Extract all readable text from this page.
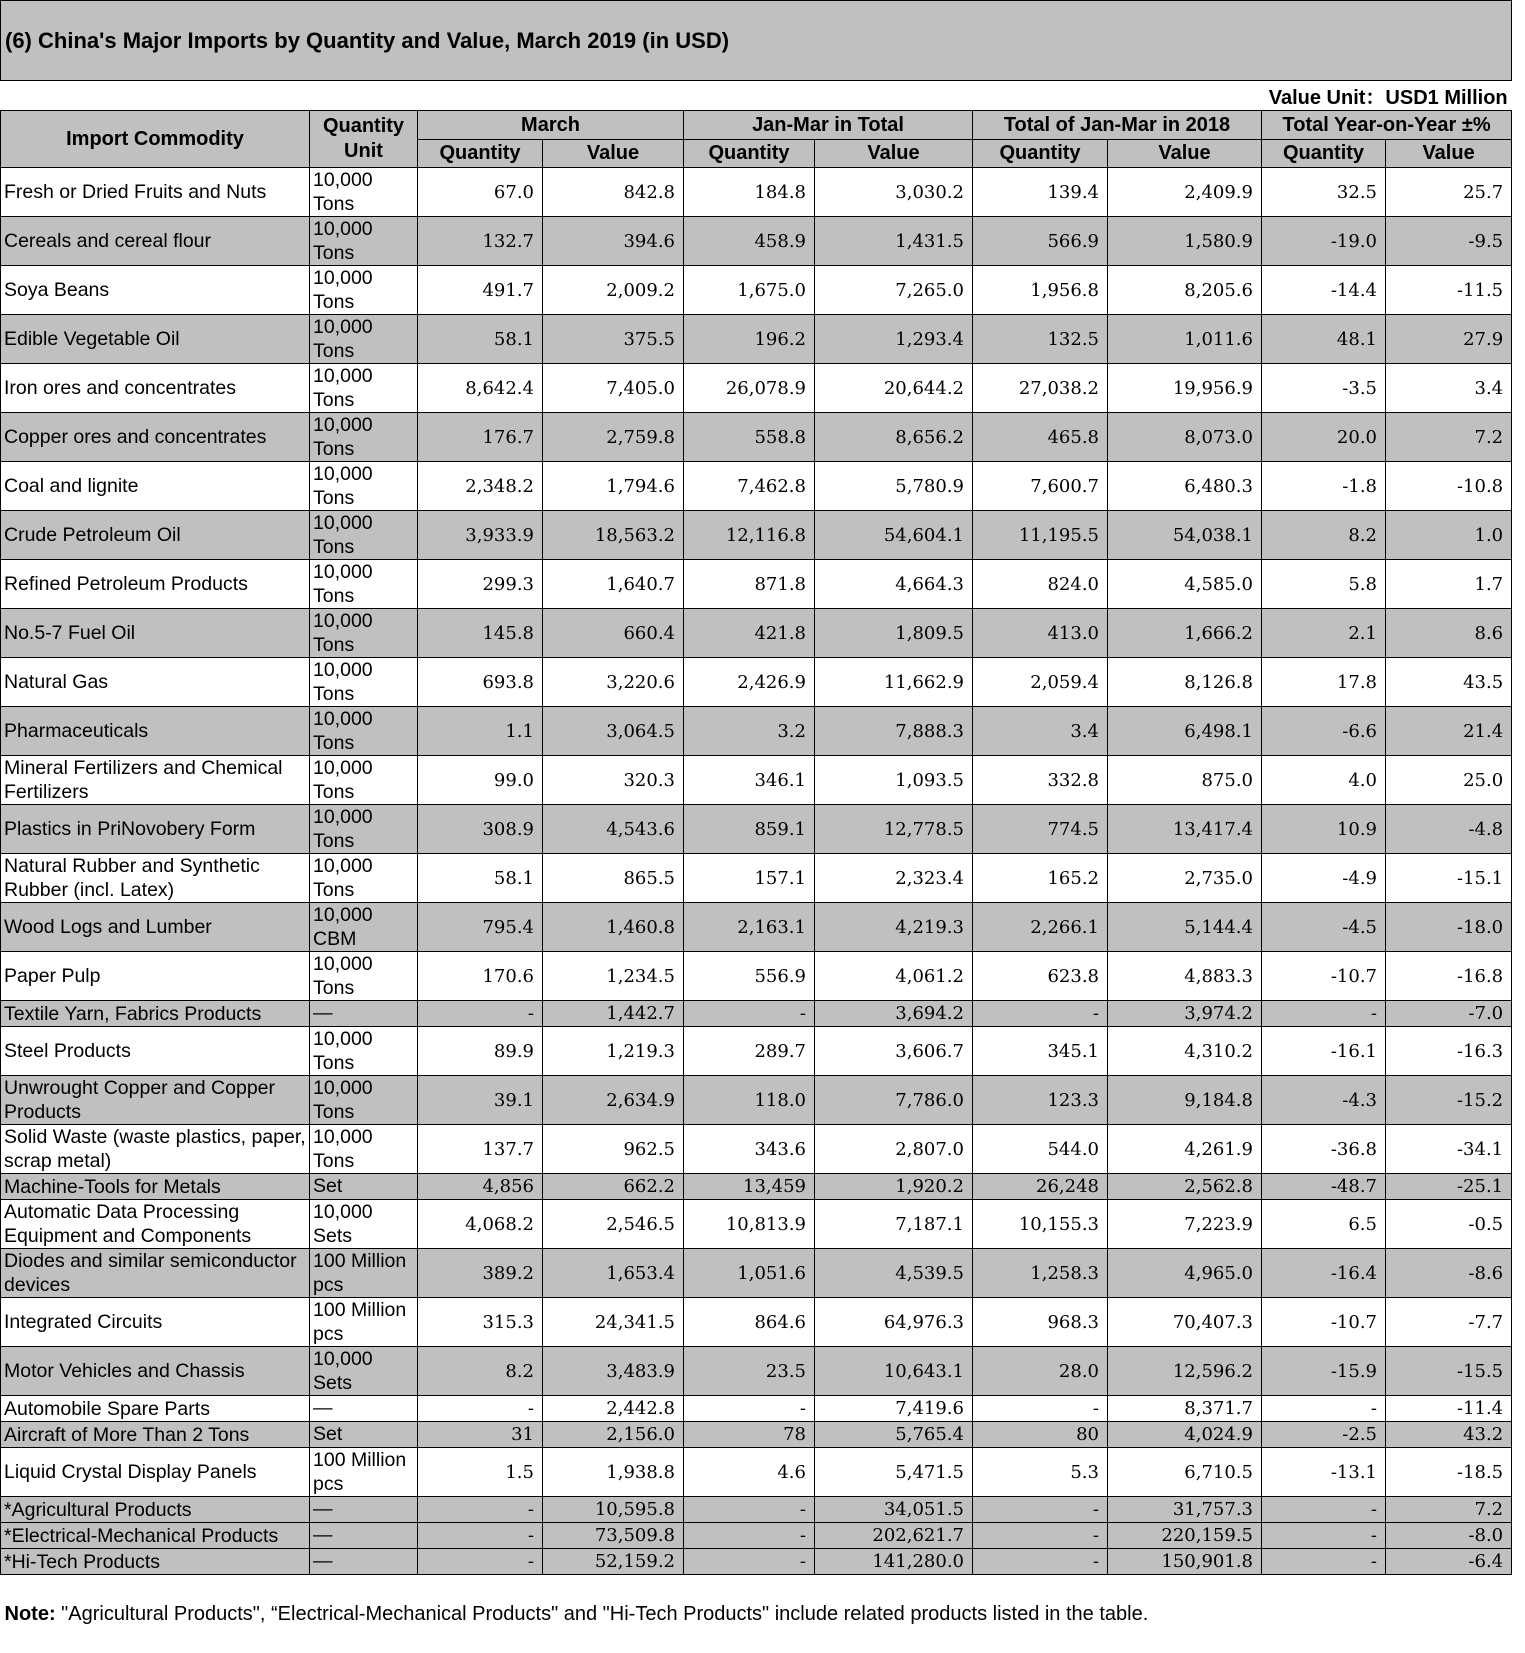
(6) China's Major Imports by Quantity and Value, March 2019 (in USD)									
Value Unit：USD1 Million									
Import Commodity	Quantity Unit	March		Jan-Mar in Total		Total of Jan-Mar in 2018		Total Year-on-Year ±%	
		Quantity	Value	Quantity	Value	Quantity	Value	Quantity	Value
Fresh or Dried Fruits and Nuts	10,000 Tons	67.0	842.8	184.8	3,030.2	139.4	2,409.9	32.5	25.7
Cereals and cereal flour	10,000 Tons	132.7	394.6	458.9	1,431.5	566.9	1,580.9	-19.0	-9.5
Soya Beans	10,000 Tons	491.7	2,009.2	1,675.0	7,265.0	1,956.8	8,205.6	-14.4	-11.5
Edible Vegetable Oil	10,000 Tons	58.1	375.5	196.2	1,293.4	132.5	1,011.6	48.1	27.9
Iron ores and concentrates	10,000 Tons	8,642.4	7,405.0	26,078.9	20,644.2	27,038.2	19,956.9	-3.5	3.4
Copper ores and concentrates	10,000 Tons	176.7	2,759.8	558.8	8,656.2	465.8	8,073.0	20.0	7.2
Coal and lignite	10,000 Tons	2,348.2	1,794.6	7,462.8	5,780.9	7,600.7	6,480.3	-1.8	-10.8
Crude Petroleum Oil	10,000 Tons	3,933.9	18,563.2	12,116.8	54,604.1	11,195.5	54,038.1	8.2	1.0
Refined Petroleum Products	10,000 Tons	299.3	1,640.7	871.8	4,664.3	824.0	4,585.0	5.8	1.7
No.5-7 Fuel Oil	10,000 Tons	145.8	660.4	421.8	1,809.5	413.0	1,666.2	2.1	8.6
Natural Gas	10,000 Tons	693.8	3,220.6	2,426.9	11,662.9	2,059.4	8,126.8	17.8	43.5
Pharmaceuticals	10,000 Tons	1.1	3,064.5	3.2	7,888.3	3.4	6,498.1	-6.6	21.4
Mineral Fertilizers and Chemical Fertilizers	10,000 Tons	99.0	320.3	346.1	1,093.5	332.8	875.0	4.0	25.0
Plastics in PriNovobery Form	10,000 Tons	308.9	4,543.6	859.1	12,778.5	774.5	13,417.4	10.9	-4.8
Natural Rubber and Synthetic Rubber (incl. Latex)	10,000 Tons	58.1	865.5	157.1	2,323.4	165.2	2,735.0	-4.9	-15.1
Wood Logs and Lumber	10,000 CBM	795.4	1,460.8	2,163.1	4,219.3	2,266.1	5,144.4	-4.5	-18.0
Paper Pulp	10,000 Tons	170.6	1,234.5	556.9	4,061.2	623.8	4,883.3	-10.7	-16.8
Textile Yarn, Fabrics Products	—	-	1,442.7	-	3,694.2	-	3,974.2	-	-7.0
Steel Products	10,000 Tons	89.9	1,219.3	289.7	3,606.7	345.1	4,310.2	-16.1	-16.3
Unwrought Copper and Copper Products	10,000 Tons	39.1	2,634.9	118.0	7,786.0	123.3	9,184.8	-4.3	-15.2
Solid Waste (waste plastics, paper, scrap metal)	10,000 Tons	137.7	962.5	343.6	2,807.0	544.0	4,261.9	-36.8	-34.1
Machine-Tools for Metals	Set	4,856	662.2	13,459	1,920.2	26,248	2,562.8	-48.7	-25.1
Automatic Data Processing Equipment and Components	10,000 Sets	4,068.2	2,546.5	10,813.9	7,187.1	10,155.3	7,223.9	6.5	-0.5
Diodes and similar semiconductor devices	100 Million pcs	389.2	1,653.4	1,051.6	4,539.5	1,258.3	4,965.0	-16.4	-8.6
Integrated Circuits	100 Million pcs	315.3	24,341.5	864.6	64,976.3	968.3	70,407.3	-10.7	-7.7
Motor Vehicles and Chassis	10,000 Sets	8.2	3,483.9	23.5	10,643.1	28.0	12,596.2	-15.9	-15.5
Automobile Spare Parts	—	-	2,442.8	-	7,419.6	-	8,371.7	-	-11.4
Aircraft of More Than 2 Tons	Set	31	2,156.0	78	5,765.4	80	4,024.9	-2.5	43.2
Liquid Crystal Display Panels	100 Million pcs	1.5	1,938.8	4.6	5,471.5	5.3	6,710.5	-13.1	-18.5
*Agricultural Products	—	-	10,595.8	-	34,051.5	-	31,757.3	-	7.2
*Electrical-Mechanical Products	—	-	73,509.8	-	202,621.7	-	220,159.5	-	-8.0
*Hi-Tech Products	—	-	52,159.2	-	141,280.0	-	150,901.8	-	-6.4
Note: "Agricultural Products", “Electrical-Mechanical Products" and "Hi-Tech Products" include related products listed in the table.									
